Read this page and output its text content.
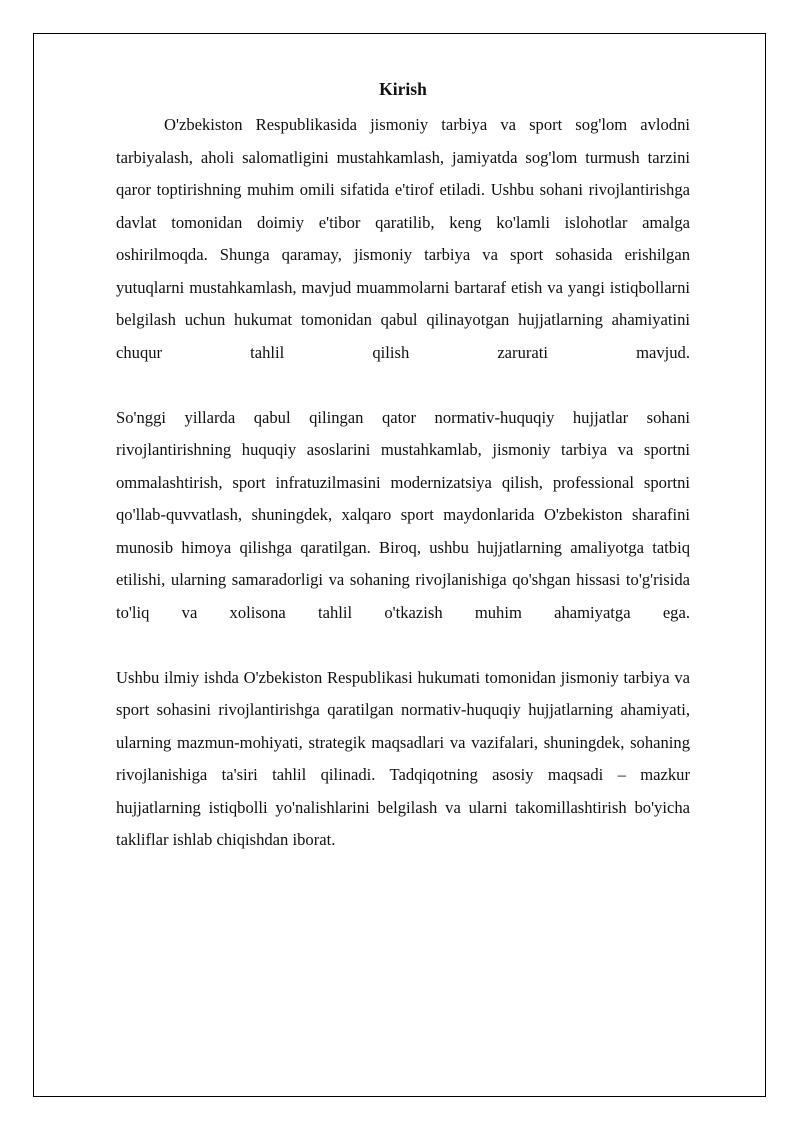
Kirish

O'zbekiston Respublikasida jismoniy tarbiya va sport sog'lom avlodni tarbiyalash, aholi salomatligini mustahkamlash, jamiyatda sog'lom turmush tarzini qaror toptirishning muhim omili sifatida e'tirof etiladi. Ushbu sohani rivojlantirishga davlat tomonidan doimiy e'tibor qaratilib, keng ko'lamli islohotlar amalga oshirilmoqda. Shunga qaramay, jismoniy tarbiya va sport sohasida erishilgan yutuqlarni mustahkamlash, mavjud muammolarni bartaraf etish va yangi istiqbollarni belgilash uchun hukumat tomonidan qabul qilinayotgan hujjatlarning ahamiyatini chuqur tahlil qilish zarurati mavjud.

So'nggi yillarda qabul qilingan qator normativ-huquqiy hujjatlar sohani rivojlantirishning huquqiy asoslarini mustahkamlab, jismoniy tarbiya va sportni ommalashtirish, sport infratuzilmasini modernizatsiya qilish, professional sportni qo'llab-quvvatlash, shuningdek, xalqaro sport maydonlarida O'zbekiston sharafini munosib himoya qilishga qaratilgan. Biroq, ushbu hujjatlarning amaliyotga tatbiq etilishi, ularning samaradorligi va sohaning rivojlanishiga qo'shgan hissasi to'g'risida to'liq va xolisona tahlil o'tkazish muhim ahamiyatga ega.

Ushbu ilmiy ishda O'zbekiston Respublikasi hukumati tomonidan jismoniy tarbiya va sport sohasini rivojlantirishga qaratilgan normativ-huquqiy hujjatlarning ahamiyati, ularning mazmun-mohiyati, strategik maqsadlari va vazifalari, shuningdek, sohaning rivojlanishiga ta'siri tahlil qilinadi. Tadqiqotning asosiy maqsadi – mazkur hujjatlarning istiqbolli yo'nalishlarini belgilash va ularni takomillashtirish bo'yicha takliflar ishlab chiqishdan iborat.
